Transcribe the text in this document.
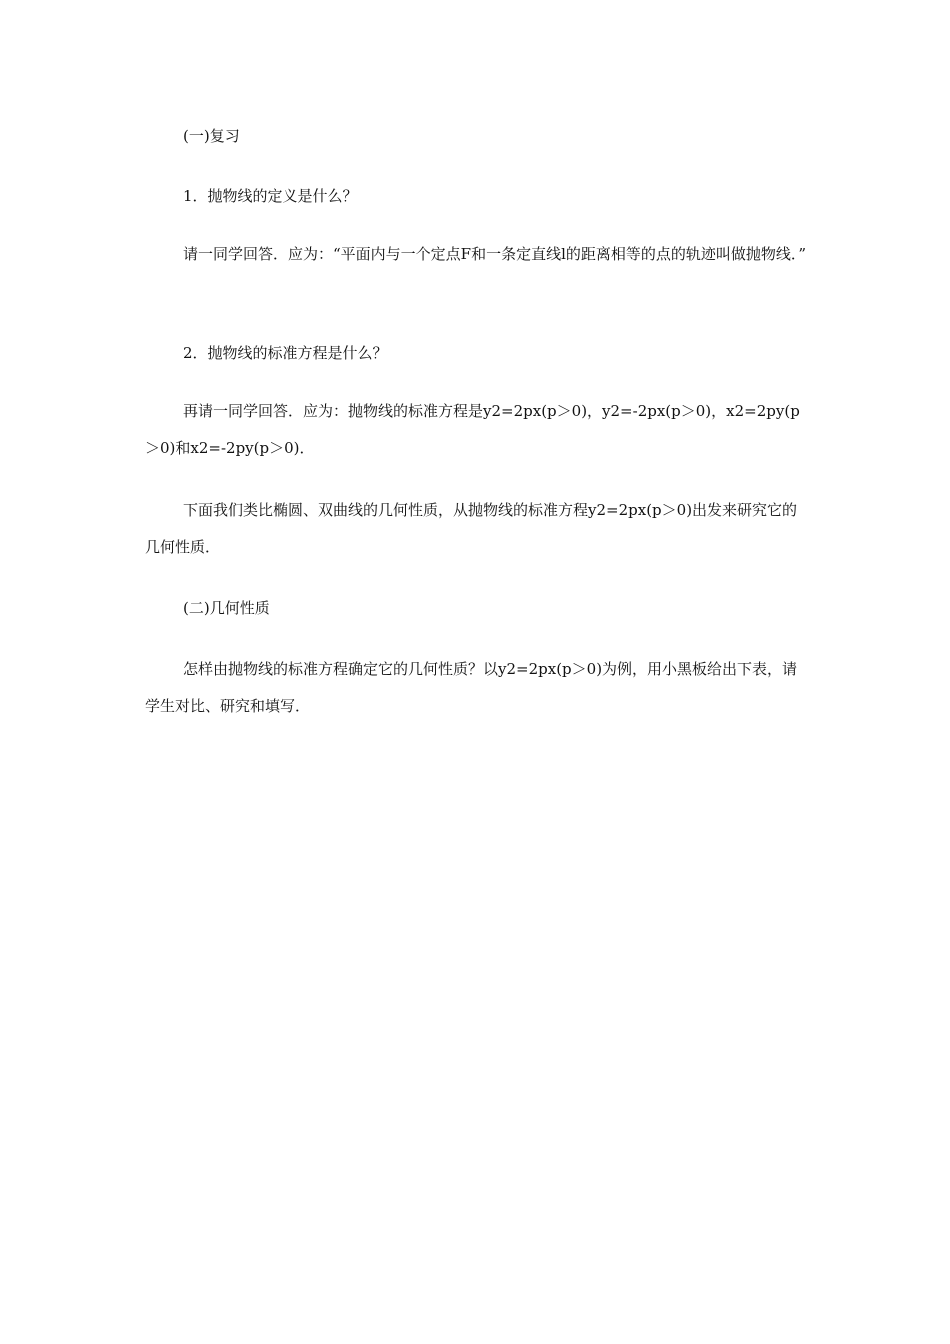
(一)复习

1．抛物线的定义是什么？

请一同学回答．应为：“平面内与一个定点F和一条定直线l的距离相等的点的轨迹叫做抛物线．”

2．抛物线的标准方程是什么？

再请一同学回答．应为：抛物线的标准方程是y2=2px(p＞0)，y2=-2px(p＞0)，x2=2py(p＞0)和x2=-2py(p＞0)．

下面我们类比椭圆、双曲线的几何性质，从抛物线的标准方程y2=2px(p＞0)出发来研究它的几何性质．

(二)几何性质

怎样由抛物线的标准方程确定它的几何性质？以y2=2px(p＞0)为例，用小黑板给出下表，请学生对比、研究和填写．
